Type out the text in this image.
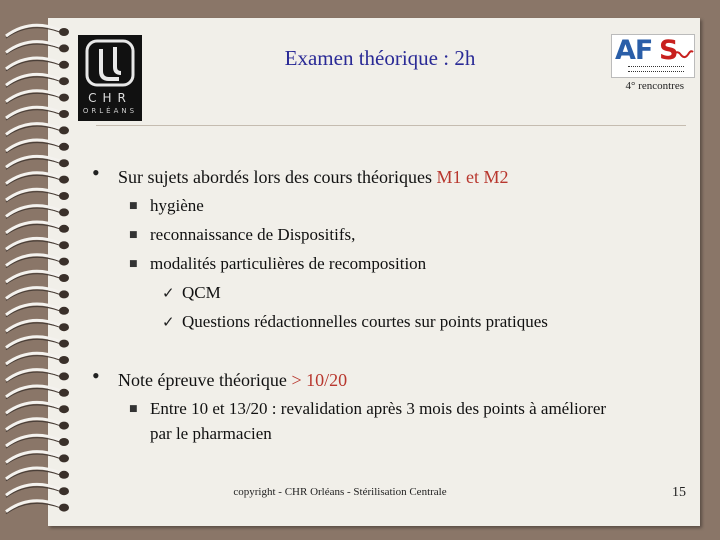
CHR
ORLÉANS
AF S
Examen théorique : 2h
4° rencontres
• Sur sujets abordés lors des cours théoriques M1 et M2
■ hygiène
■ reconnaissance de Dispositifs,
■ modalités particulières de recomposition
✓ QCM
✓ Questions rédactionnelles courtes sur points pratiques
• Note épreuve théorique > 10/20
■ Entre 10 et 13/20 : revalidation après 3 mois des points à améliorer
par le pharmacien
copyright - CHR Orléans - Stérilisation Centrale	15
